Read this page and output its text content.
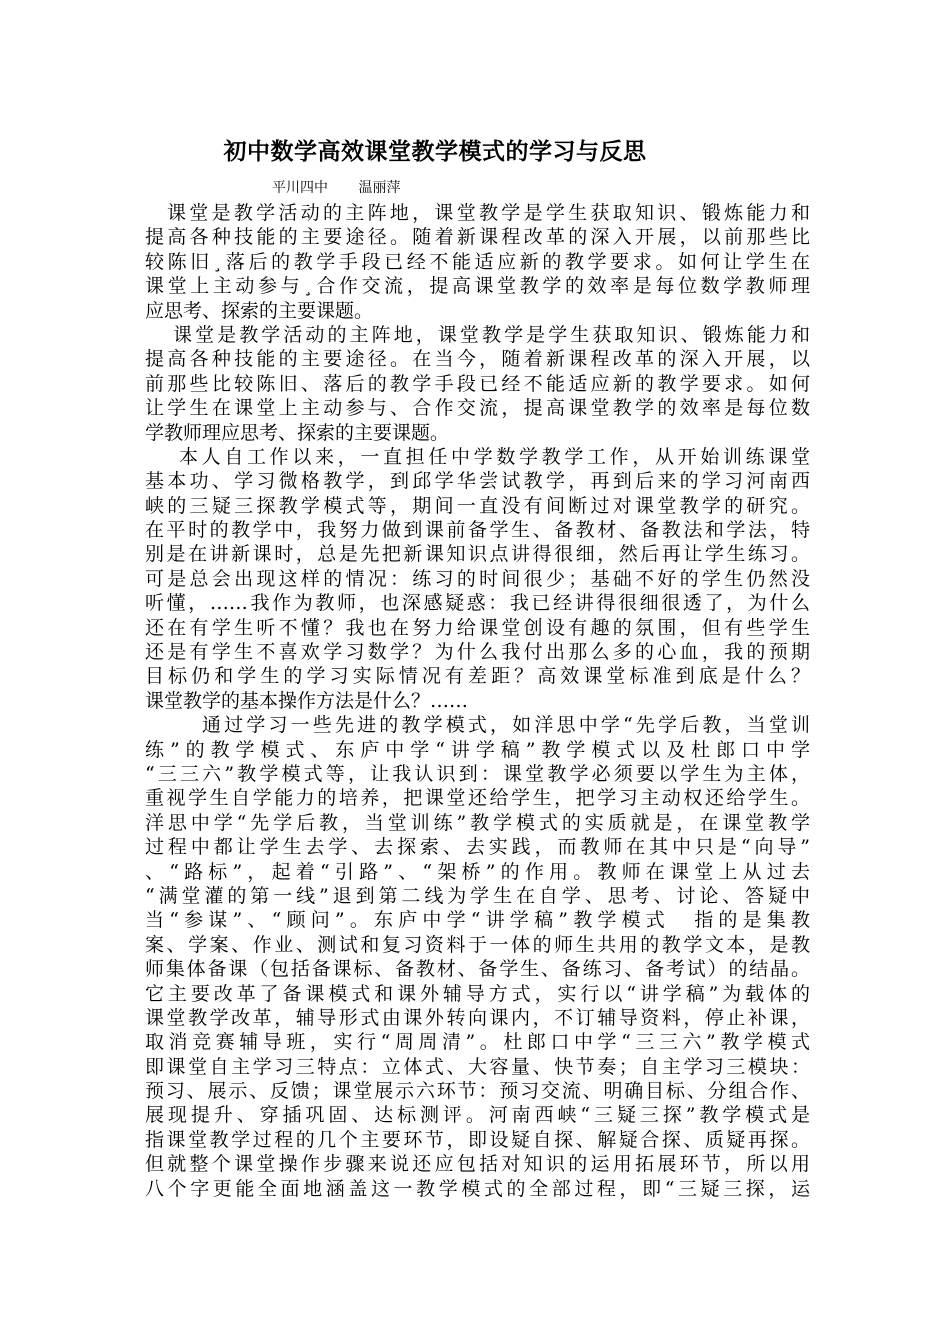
初中数学高效课堂教学模式的学习与反思
平川四中 温丽萍
课堂是教学活动的主阵地，课堂教学是学生获取知识、锻炼能力和
提高各种技能的主要途径。随着新课程改革的深入开展，以前那些比
较陈旧¸落后的教学手段已经不能适应新的教学要求。如何让学生在
课堂上主动参与¸合作交流，提高课堂教学的效率是每位数学教师理
应思考、探索的主要课题。
课堂是教学活动的主阵地，课堂教学是学生获取知识、锻炼能力和
提高各种技能的主要途径。在当今，随着新课程改革的深入开展，以
前那些比较陈旧、落后的教学手段已经不能适应新的教学要求。如何
让学生在课堂上主动参与、合作交流，提高课堂教学的效率是每位数
学教师理应思考、探索的主要课题。
本人自工作以来，一直担任中学数学教学工作，从开始训练课堂
基本功、学习微格教学，到邱学华尝试教学，再到后来的学习河南西
峡的三疑三探教学模式等，期间一直没有间断过对课堂教学的研究。
在平时的教学中，我努力做到课前备学生、备教材、备教法和学法，特
别是在讲新课时，总是先把新课知识点讲得很细，然后再让学生练习。
可是总会出现这样的情况：练习的时间很少；基础不好的学生仍然没
听懂，……我作为教师，也深感疑惑：我已经讲得很细很透了，为什么
还在有学生听不懂？我也在努力给课堂创设有趣的氛围，但有些学生
还是有学生不喜欢学习数学？为什么我付出那么多的心血，我的预期
目标仍和学生的学习实际情况有差距？高效课堂标准到底是什么？
课堂教学的基本操作方法是什么？……
通过学习一些先进的教学模式，如洋思中学“先学后教，当堂训
练”的教学模式、东庐中学“讲学稿”教学模式以及杜郎口中学
“三三六”教学模式等，让我认识到：课堂教学必须要以学生为主体，
重视学生自学能力的培养，把课堂还给学生，把学习主动权还给学生。
洋思中学“先学后教，当堂训练”教学模式的实质就是，在课堂教学
过程中都让学生去学、去探索、去实践，而教师在其中只是“向导”
、“路标”，起着“引路”、“架桥”的作用。教师在课堂上从过去
“满堂灌的第一线”退到第二线为学生在自学、思考、讨论、答疑中
当“参谋”、“顾问”。东庐中学“讲学稿”教学模式　指的是集教
案、学案、作业、测试和复习资料于一体的师生共用的教学文本，是教
师集体备课（包括备课标、备教材、备学生、备练习、备考试）的结晶。
它主要改革了备课模式和课外辅导方式，实行以“讲学稿”为载体的
课堂教学改革，辅导形式由课外转向课内，不订辅导资料，停止补课，
取消竞赛辅导班，实行“周周清”。杜郎口中学“三三六”教学模式
即课堂自主学习三特点：立体式、大容量、快节奏；自主学习三模块：
预习、展示、反馈；课堂展示六环节：预习交流、明确目标、分组合作、
展现提升、穿插巩固、达标测评。河南西峡“三疑三探”教学模式是
指课堂教学过程的几个主要环节，即设疑自探、解疑合探、质疑再探。
但就整个课堂操作步骤来说还应包括对知识的运用拓展环节，所以用
八个字更能全面地涵盖这一教学模式的全部过程，即“三疑三探，运
